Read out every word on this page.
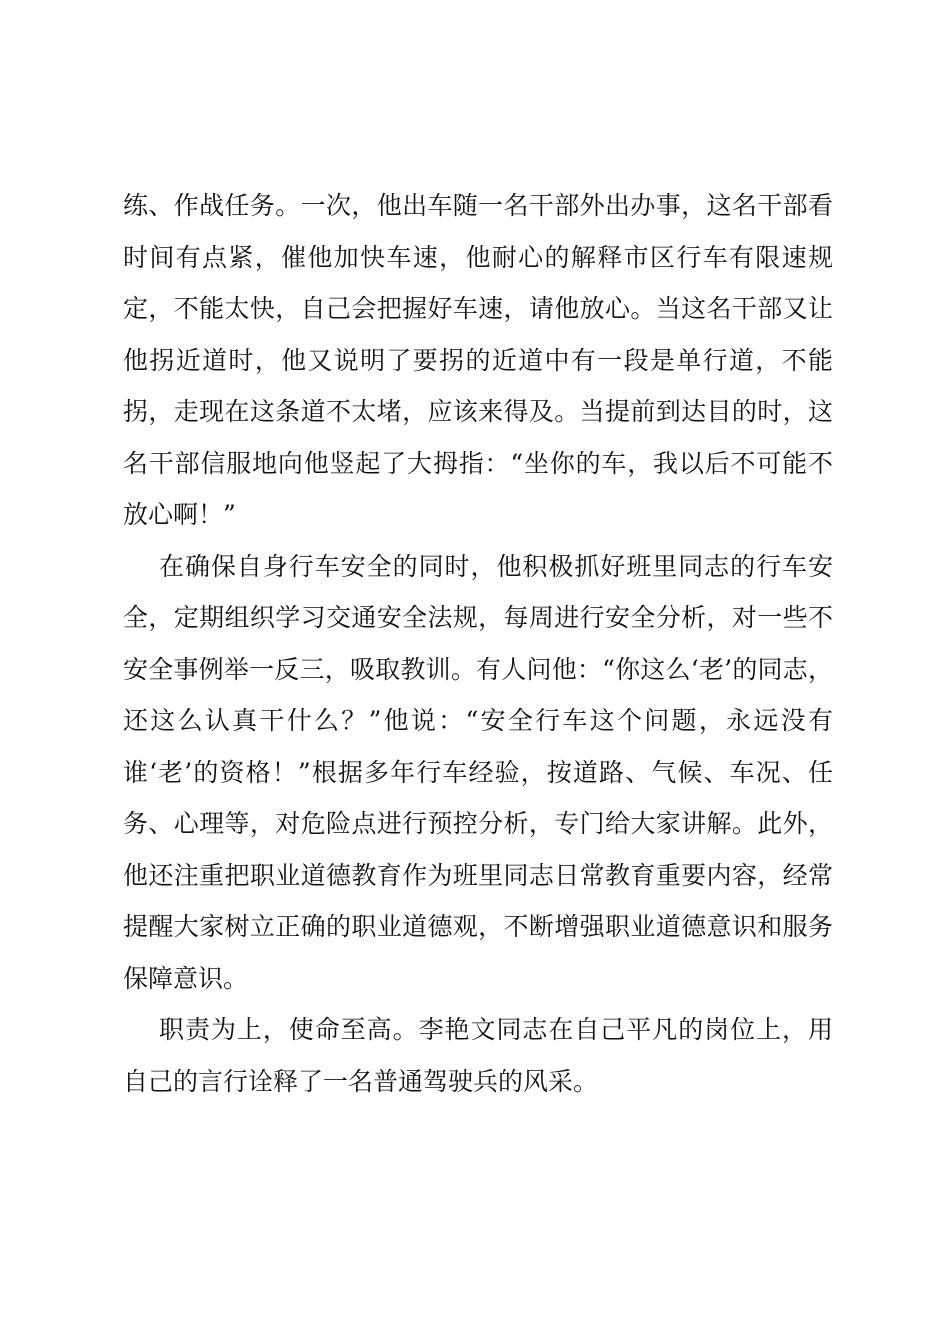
练、作战任务。一次，他出车随一名干部外出办事，这名干部看时间有点紧，催他加快车速，他耐心的解释市区行车有限速规定，不能太快，自己会把握好车速，请他放心。当这名干部又让他拐近道时，他又说明了要拐的近道中有一段是单行道，不能拐，走现在这条道不太堵，应该来得及。当提前到达目的时，这名干部信服地向他竖起了大拇指：“坐你的车，我以后不可能不放心啊！”

在确保自身行车安全的同时，他积极抓好班里同志的行车安全，定期组织学习交通安全法规，每周进行安全分析，对一些不安全事例举一反三，吸取教训。有人问他：“你这么‘老’的同志，还这么认真干什么？”他说：“安全行车这个问题，永远没有谁‘老’的资格！”根据多年行车经验，按道路、气候、车况、任务、心理等，对危险点进行预控分析，专门给大家讲解。此外，他还注重把职业道德教育作为班里同志日常教育重要内容，经常提醒大家树立正确的职业道德观，不断增强职业道德意识和服务保障意识。

职责为上，使命至高。李艳文同志在自己平凡的岗位上，用自己的言行诠释了一名普通驾驶兵的风采。
